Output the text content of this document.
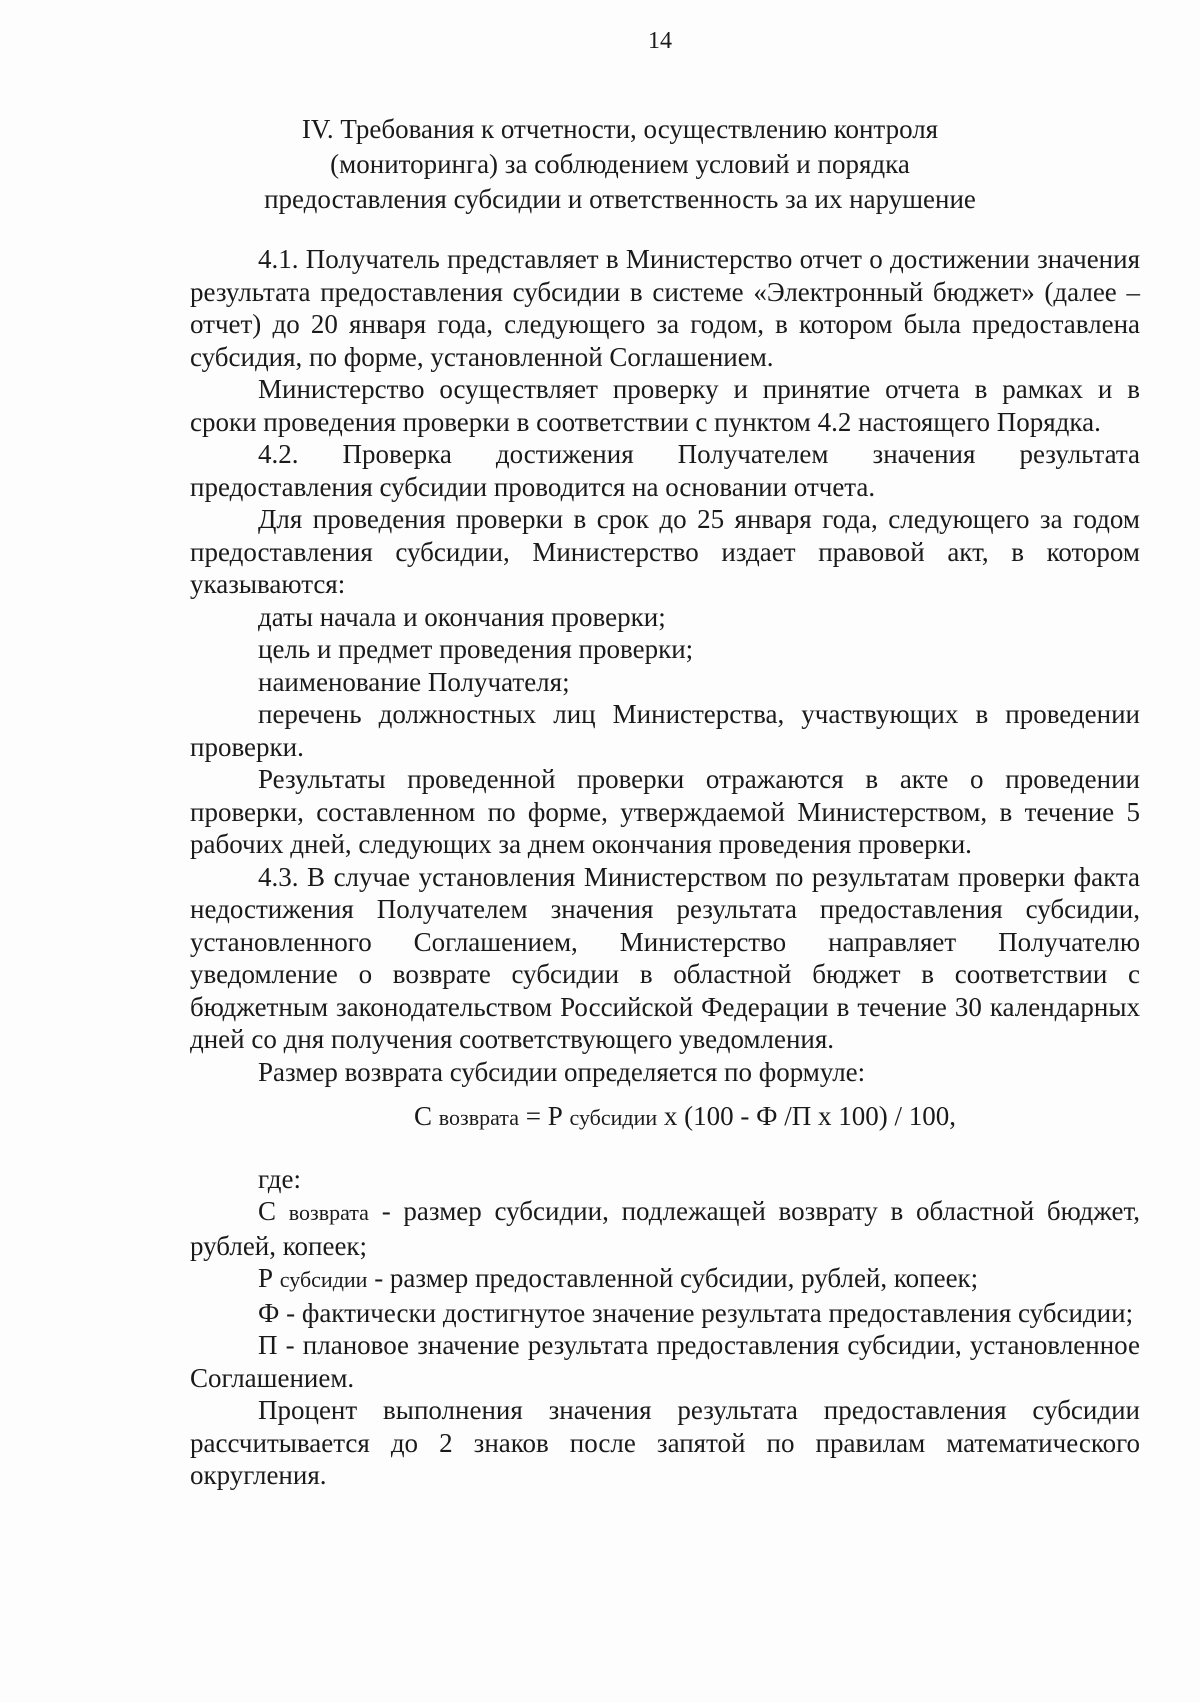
14
IV. Требования к отчетности, осуществлению контроля
(мониторинга) за соблюдением условий и порядка
предоставления субсидии и ответственность за их нарушение

4.1. Получатель представляет в Министерство отчет о достижении значения результата предоставления субсидии в системе «Электронный бюджет» (далее – отчет) до 20 января года, следующего за годом, в котором была предоставлена субсидия, по форме, установленной Соглашением.

Министерство осуществляет проверку и принятие отчета в рамках и в сроки проведения проверки в соответствии с пунктом 4.2 настоящего Порядка.

4.2. Проверка достижения Получателем значения результата предоставления субсидии проводится на основании отчета.

Для проведения проверки в срок до 25 января года, следующего за годом предоставления субсидии, Министерство издает правовой акт, в котором указываются:

даты начала и окончания проверки;

цель и предмет проведения проверки;

наименование Получателя;

перечень должностных лиц Министерства, участвующих в проведении проверки.

Результаты проведенной проверки отражаются в акте о проведении проверки, составленном по форме, утверждаемой Министерством, в течение 5 рабочих дней, следующих за днем окончания проведения проверки.

4.3. В случае установления Министерством по результатам проверки факта недостижения Получателем значения результата предоставления субсидии, установленного Соглашением, Министерство направляет Получателю уведомление о возврате субсидии в областной бюджет в соответствии с бюджетным законодательством Российской Федерации в течение 30 календарных дней со дня получения соответствующего уведомления.

Размер возврата субсидии определяется по формуле:

С возврата = Р субсидии х (100 - Ф /П х 100) / 100,

где:

С возврата - размер субсидии, подлежащей возврату в областной бюджет, рублей, копеек;

Р субсидии - размер предоставленной субсидии, рублей, копеек;

Ф - фактически достигнутое значение результата предоставления субсидии;

П - плановое значение результата предоставления субсидии, установленное Соглашением.

Процент выполнения значения результата предоставления субсидии рассчитывается до 2 знаков после запятой по правилам математического округления.
